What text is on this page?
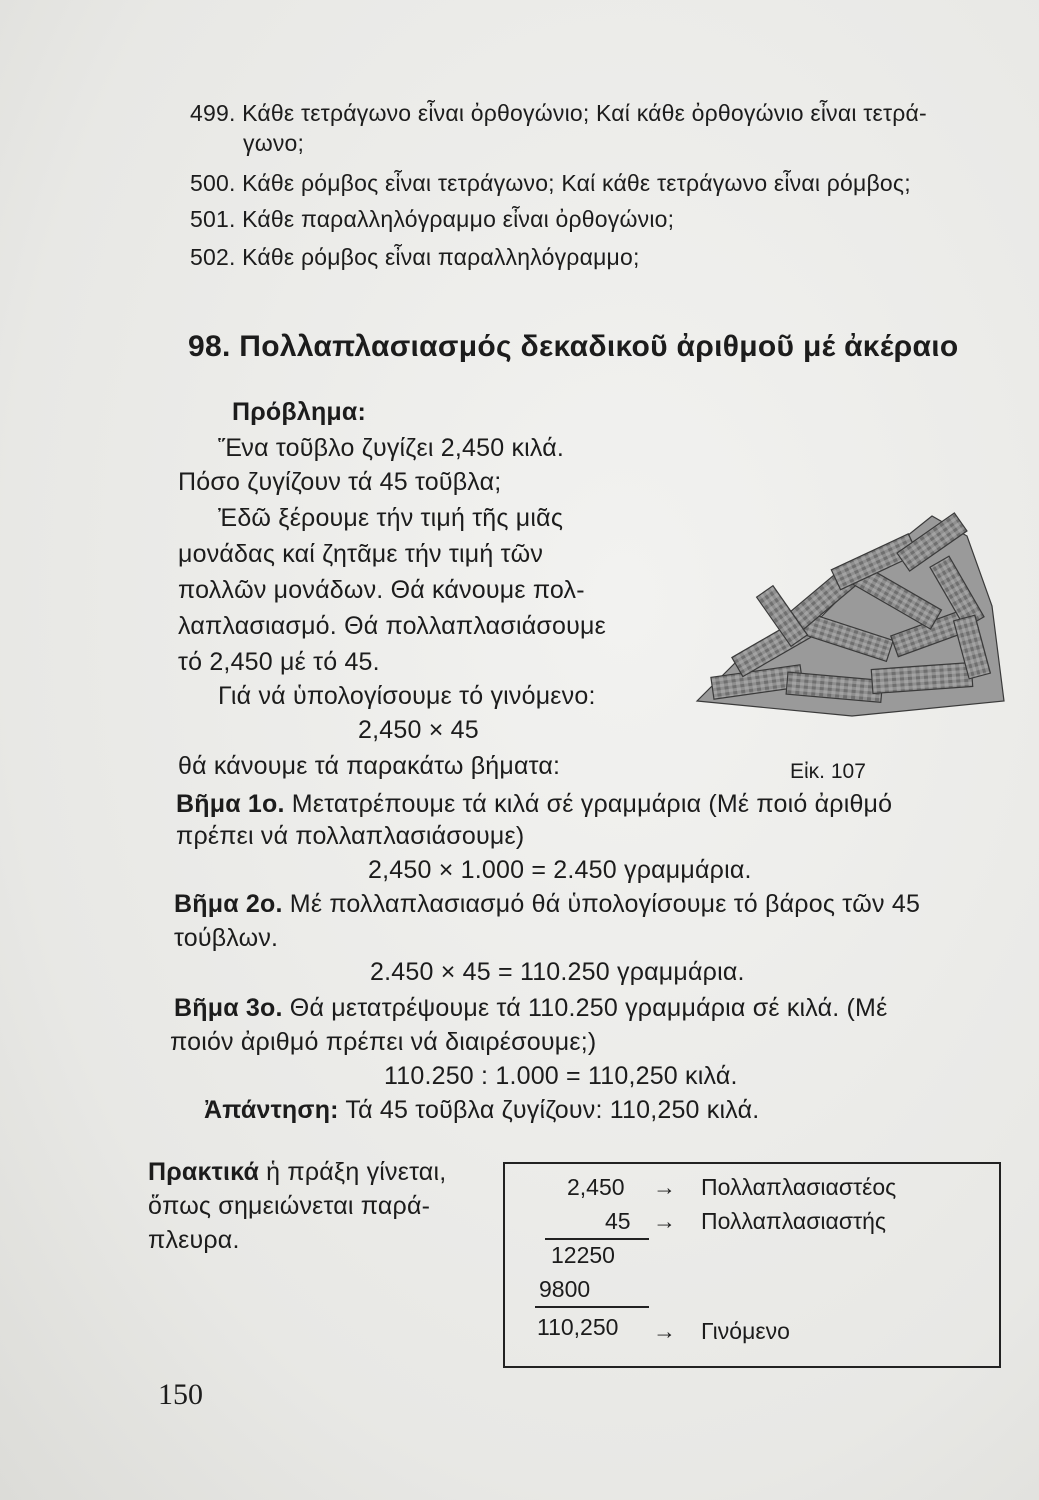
499. Κάθε τετράγωνο εἶναι ὀρθογώνιο; Καί κάθε ὀρθογώνιο εἶναι τετρά-
γωνο;
500. Κάθε ρόμβος εἶναι τετράγωνο; Καί κάθε τετράγωνο εἶναι ρόμβος;
501. Κάθε παραλληλόγραμμο εἶναι ὀρθογώνιο;
502. Κάθε ρόμβος εἶναι παραλληλόγραμμο;
98. Πολλαπλασιασμός δεκαδικοῦ ἀριθμοῦ μέ ἀκέραιο
Πρόβλημα:
Ἕνα τοῦβλο ζυγίζει 2,450 κιλά.
Πόσο ζυγίζουν τά 45 τοῦβλα;
Ἐδῶ ξέρουμε τήν τιμή τῆς μιᾶς
μονάδας καί ζητᾶμε τήν τιμή τῶν
πολλῶν μονάδων. Θά κάνουμε πολ-
λαπλασιασμό. Θά πολλαπλασιάσουμε
τό 2,450 μέ τό 45.
Γιά νά ὑπολογίσουμε τό γινόμενο:
2,450 × 45
θά κάνουμε τά παρακάτω βήματα:	Εἰκ. 107
Βῆμα 1ο. Μετατρέπουμε τά κιλά σέ γραμμάρια (Μέ ποιό ἀριθμό
πρέπει νά πολλαπλασιάσουμε)
2,450 × 1.000 = 2.450 γραμμάρια.
Βῆμα 2ο. Μέ πολλαπλασιασμό θά ὑπολογίσουμε τό βάρος τῶν 45
τούβλων.
2.450 × 45 = 110.250 γραμμάρια.
Βῆμα 3ο. Θά μετατρέψουμε τά 110.250 γραμμάρια σέ κιλά. (Μέ
ποιόν ἀριθμό πρέπει νά διαιρέσουμε;)
110.250 : 1.000 = 110,250 κιλά.
Ἀπάντηση: Τά 45 τοῦβλα ζυγίζουν: 110,250 κιλά.
Πρακτικά ἡ πράξη γίνεται,
ὅπως σημειώνεται παρά-
πλευρα.
2,450 → Πολλαπλασιαστέος
45 → Πολλαπλασιαστής
12250
9800
110,250 → Γινόμενο
150
